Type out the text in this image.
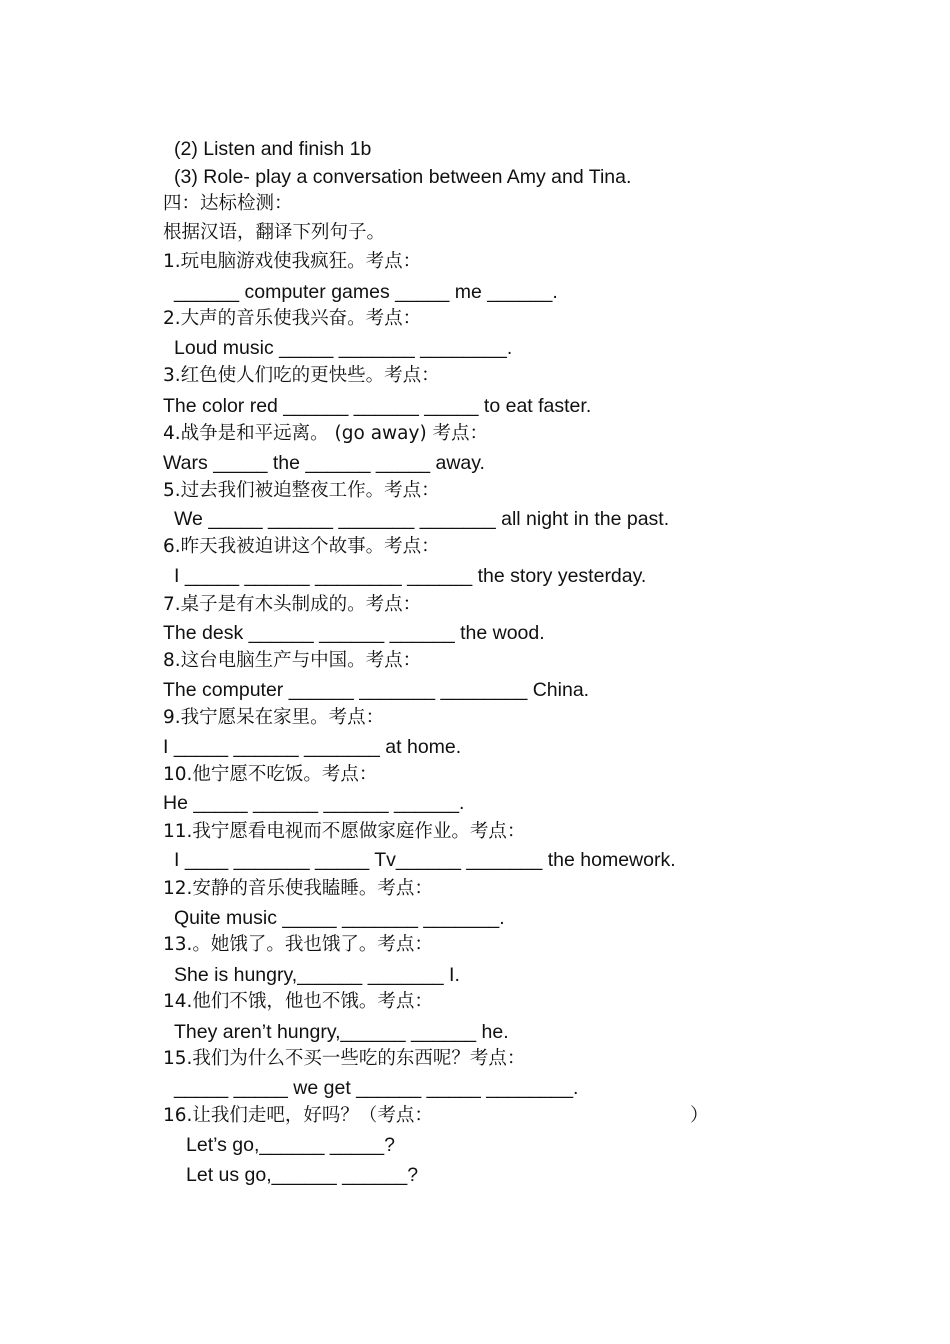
(2) Listen and finish 1b
(3) Role- play a conversation between Amy and Tina.
四：达标检测：
根据汉语，翻译下列句子。
1.玩电脑游戏使我疯狂。考点：
______ computer games _____ me ______.
2.大声的音乐使我兴奋。考点：
Loud music _____ _______ ________.
3.红色使人们吃的更快些。考点：
The color red ______ ______ _____ to eat faster.
4.战争是和平远离。 (go away) 考点：
Wars _____ the ______ _____ away.
5.过去我们被迫整夜工作。考点：
We _____ ______ _______ _______ all night in the past.
6.昨天我被迫讲这个故事。考点：
I _____ ______ ________ ______ the story yesterday.
7.桌子是有木头制成的。考点：
The desk ______ ______ ______ the wood.
8.这台电脑生产与中国。考点：
The computer ______ _______ ________ China.
9.我宁愿呆在家里。考点：
I _____ ______ _______ at home.
10.他宁愿不吃饭。考点：
He _____ ______ ______ ______.
11.我宁愿看电视而不愿做家庭作业。考点：
I ____ _______ _____ Tv______ _______ the homework.
12.安静的音乐使我瞌睡。考点：
Quite music _____ _______ _______.
13.。她饿了。我也饿了。考点：
She is hungry,______ _______ I.
14.他们不饿，他也不饿。考点：
They aren’t hungry,______ ______ he.
15.我们为什么不买一些吃的东西呢？考点：
_____ _____ we get ______ _____ ________.
16.让我们走吧，好吗？（考点：	）
Let’s go,______ _____?
Let us go,______ ______?
